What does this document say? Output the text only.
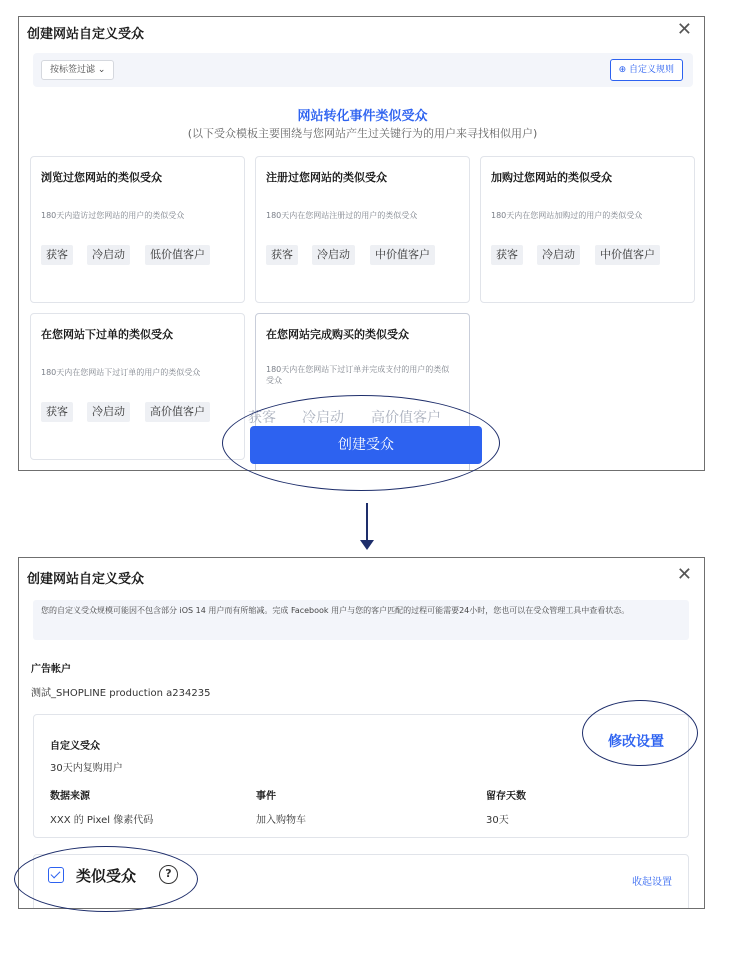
创建网站自定义受众	✕
按标签过滤 ⌄	⊕ 自定义规则
网站转化事件类似受众
(以下受众模板主要围绕与您网站产生过关键行为的用户来寻找相似用户)
浏览过您网站的类似受众
180天内造访过您网站的用户的类似受众
获客	冷启动	低价值客户
注册过您网站的类似受众
180天内在您网站注册过的用户的类似受众
获客	冷启动	中价值客户
加购过您网站的类似受众
180天内在您网站加购过的用户的类似受众
获客	冷启动	中价值客户
在您网站下过单的类似受众
180天内在您网站下过订单的用户的类似受众
获客	冷启动	高价值客户
在您网站完成购买的类似受众
180天内在您网站下过订单并完成支付的用户的类似受众
获客 冷启动 高价值客户
创建受众
创建网站自定义受众	✕
您的自定义受众规模可能因不包含部分 iOS 14 用户而有所缩减。完成 Facebook 用户与您的客户匹配的过程可能需要24小时，您也可以在受众管理工具中查看状态。
广告帐户
测試_SHOPLINE production a234235
自定义受众
30天内复购用户
修改设置
数据来源
XXX 的 Pixel 像素代码
事件
加入购物车
留存天数
30天
类似受众	?
收起设置
